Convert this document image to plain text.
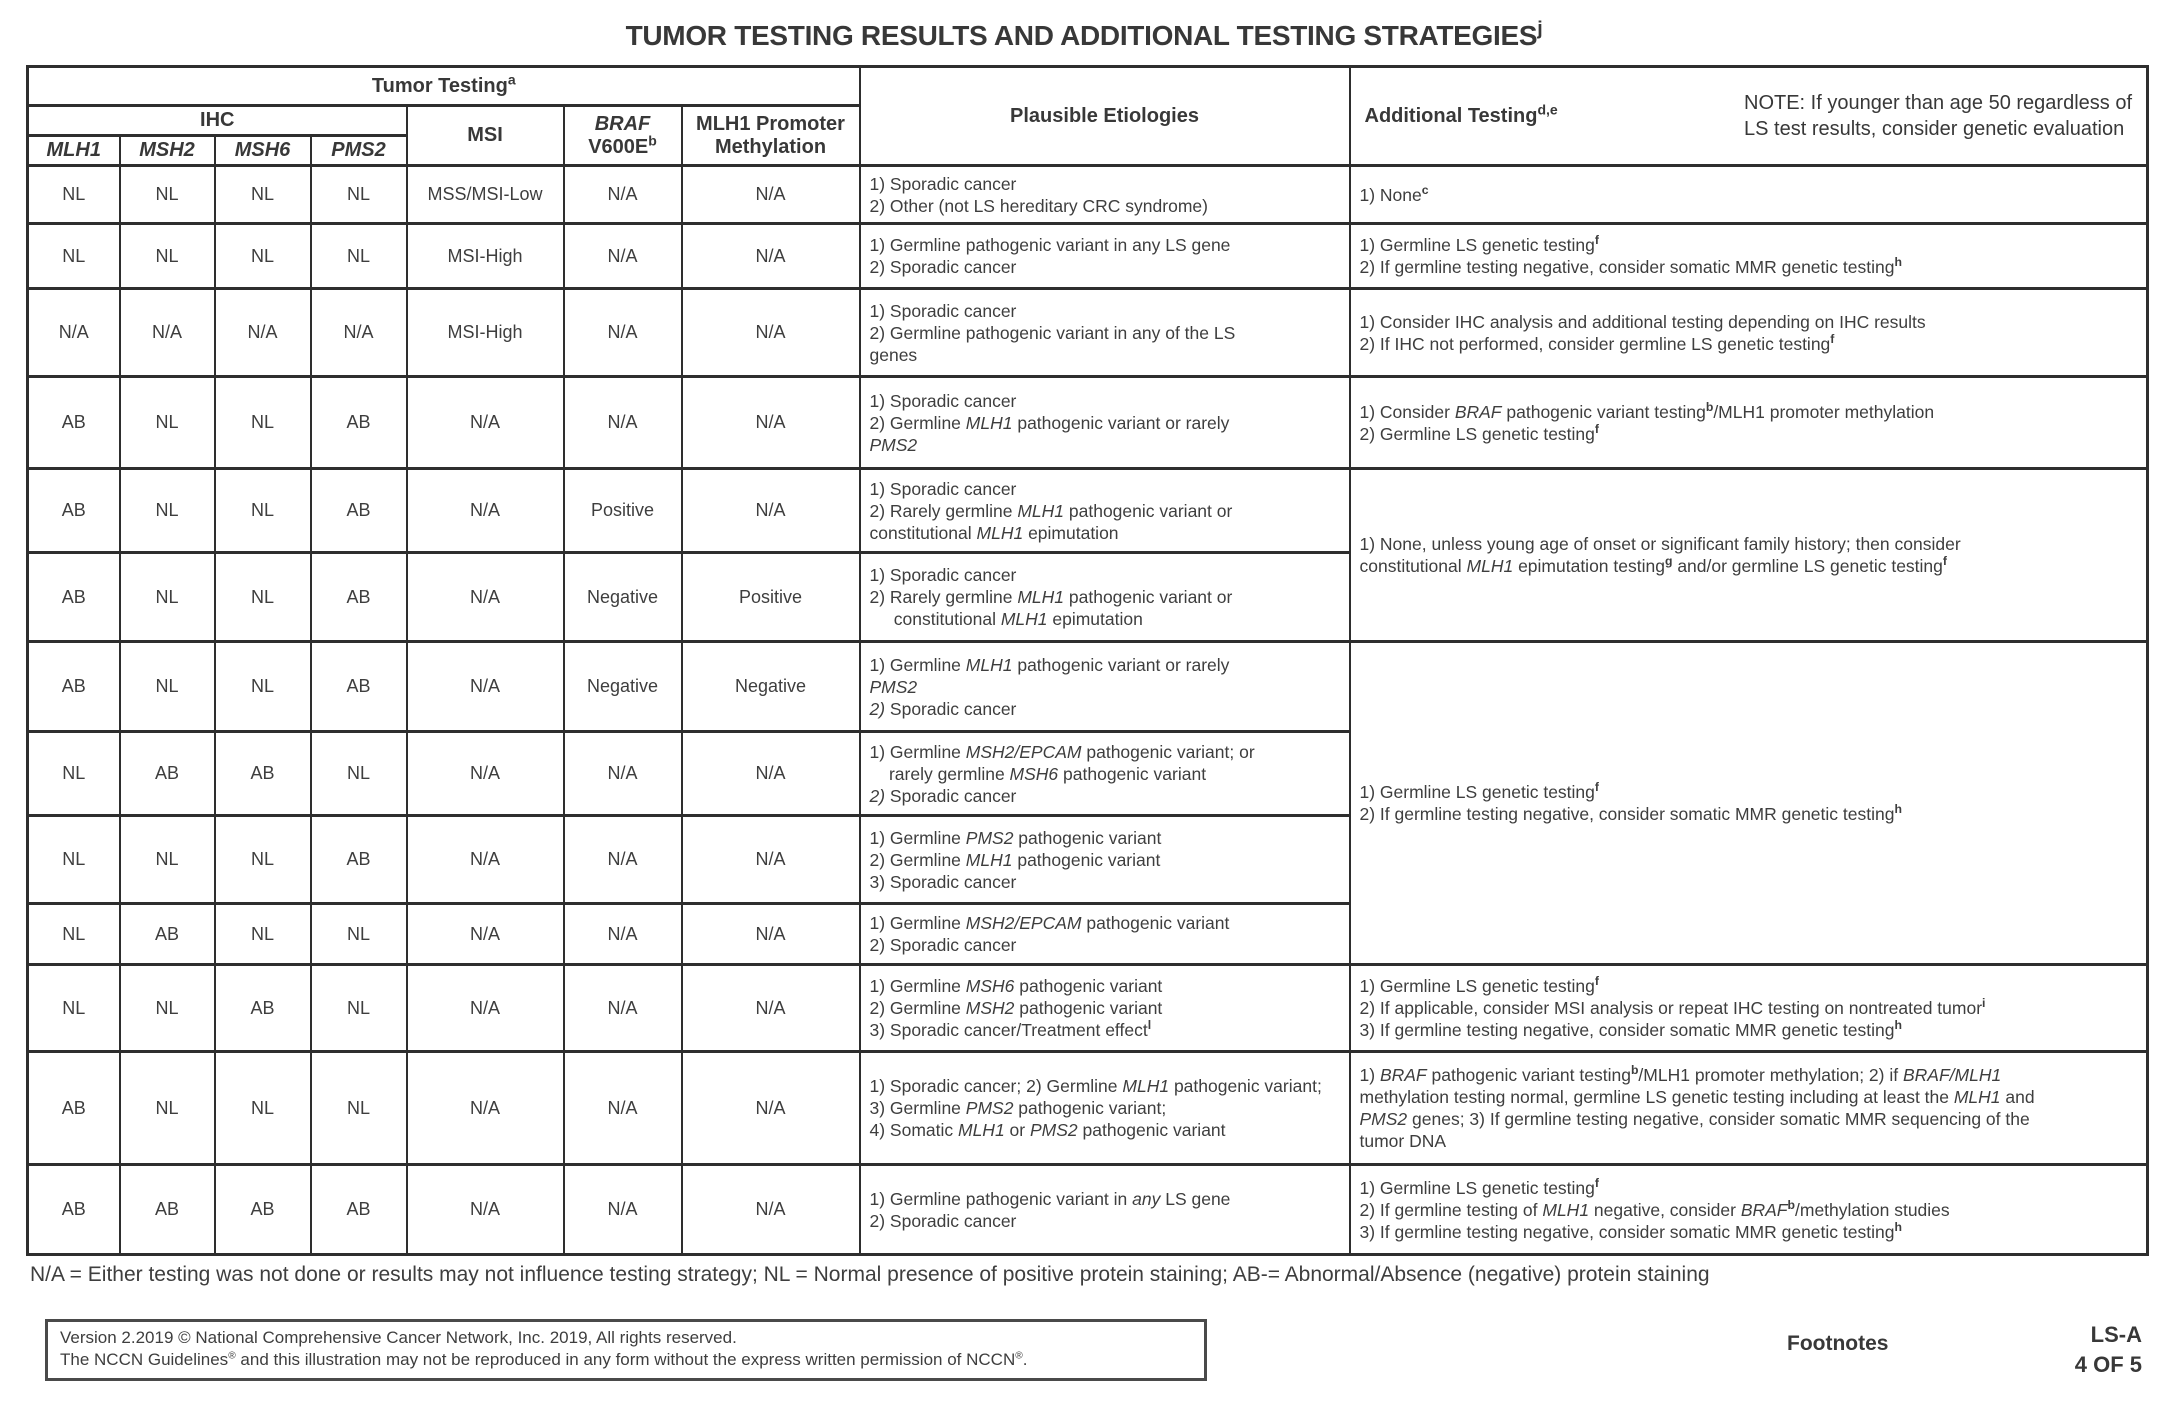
TUMOR TESTING RESULTS AND ADDITIONAL TESTING STRATEGIES$^j$
Tumor Testing$^a$							Plausible Etiologies	Additional Testing$^{d,e}$ NOTE: If younger than age 50 regardless of
LS test results, consider genetic evaluation

IHC				MSI	BRAF
$V600E^b$	MLH1 Promoter
Methylation		
MLH1	MSH2	MSH6	PMS2					
NL	NL	NL	NL	MSS/MSI-Low	N/A	N/A	1) Sporadic cancer
2) Other (not LS hereditary CRC syndrome)	1) None$^c$
NL	NL	NL	NL	MSI-High	N/A	N/A	1) Germline pathogenic variant in any LS gene
2) Sporadic cancer	1) Germline LS genetic testing$^f$
2) If germline testing negative, consider somatic MMR genetic testing$^h$
N/A	N/A	N/A	N/A	MSI-High	N/A	N/A	1) Sporadic cancer
2) Germline pathogenic variant in any of the LS
genes	1) Consider IHC analysis and additional testing depending on IHC results
2) If IHC not performed, consider germline LS genetic testing$^f$
AB	NL	NL	AB	N/A	N/A	N/A	1) Sporadic cancer
2) Germline MLH1 pathogenic variant or rarely
PMS2	1) Consider BRAF pathogenic variant testing$^b$/MLH1 promoter methylation
2) Germline LS genetic testing$^f$
AB	NL	NL	AB	N/A	Positive	N/A	1) Sporadic cancer
2) Rarely germline MLH1 pathogenic variant or
constitutional MLH1 epimutation	1) None, unless young age of onset or significant family history; then consider
constitutional MLH1 epimutation testing$^g$ and/or germline LS genetic testing$^f$
AB	NL	NL	AB	N/A	Negative	Positive	1) Sporadic cancer
2) Rarely germline MLH1 pathogenic variant or
constitutional MLH1 epimutation	
AB	NL	NL	AB	N/A	Negative	Negative	1) Germline MLH1 pathogenic variant or rarely
PMS2
2) Sporadic cancer	1) Germline LS genetic testing$^f$
2) If germline testing negative, consider somatic MMR genetic testing$^h$
NL	AB	AB	NL	N/A	N/A	N/A	1) Germline MSH2/EPCAM pathogenic variant; or
rarely germline MSH6 pathogenic variant
2) Sporadic cancer	
NL	NL	NL	AB	N/A	N/A	N/A	1) Germline PMS2 pathogenic variant
2) Germline MLH1 pathogenic variant
3) Sporadic cancer	
NL	AB	NL	NL	N/A	N/A	N/A	1) Germline MSH2/EPCAM pathogenic variant
2) Sporadic cancer	
NL	NL	AB	NL	N/A	N/A	N/A	1) Germline MSH6 pathogenic variant
2) Germline MSH2 pathogenic variant
3) Sporadic cancer/Treatment effect$^l$	1) Germline LS genetic testing$^f$
2) If applicable, consider MSI analysis or repeat IHC testing on nontreated tumor$^i$
3) If germline testing negative, consider somatic MMR genetic testing$^h$
AB	NL	NL	NL	N/A	N/A	N/A	1) Sporadic cancer; 2) Germline MLH1 pathogenic variant; 3) Germline PMS2 pathogenic variant;
4) Somatic MLH1 or PMS2 pathogenic variant	1) BRAF pathogenic variant testing$^b$/MLH1 promoter methylation; 2) if BRAF/MLH1
methylation testing normal, germline LS genetic testing including at least the MLH1 and
PMS2 genes; 3) If germline testing negative, consider somatic MMR sequencing of the
tumor DNA
AB	AB	AB	AB	N/A	N/A	N/A	1) Germline pathogenic variant in any LS gene
2) Sporadic cancer	1) Germline LS genetic testing$^f$
2) If germline testing of MLH1 negative, consider BRAF$^b$/methylation studies
3) If germline testing negative, consider somatic MMR genetic testing$^h$
N/A = Either testing was not done or results may not influence testing strategy; NL = Normal presence of positive protein staining; AB-= Abnormal/Absence (negative) protein staining
Version 2.2019 © National Comprehensive Cancer Network, Inc. 2019, All rights reserved.
The NCCN Guidelines® and this illustration may not be reproduced in any form without the express written permission of NCCN®.
Footnotes	LS-A
4 OF 5
